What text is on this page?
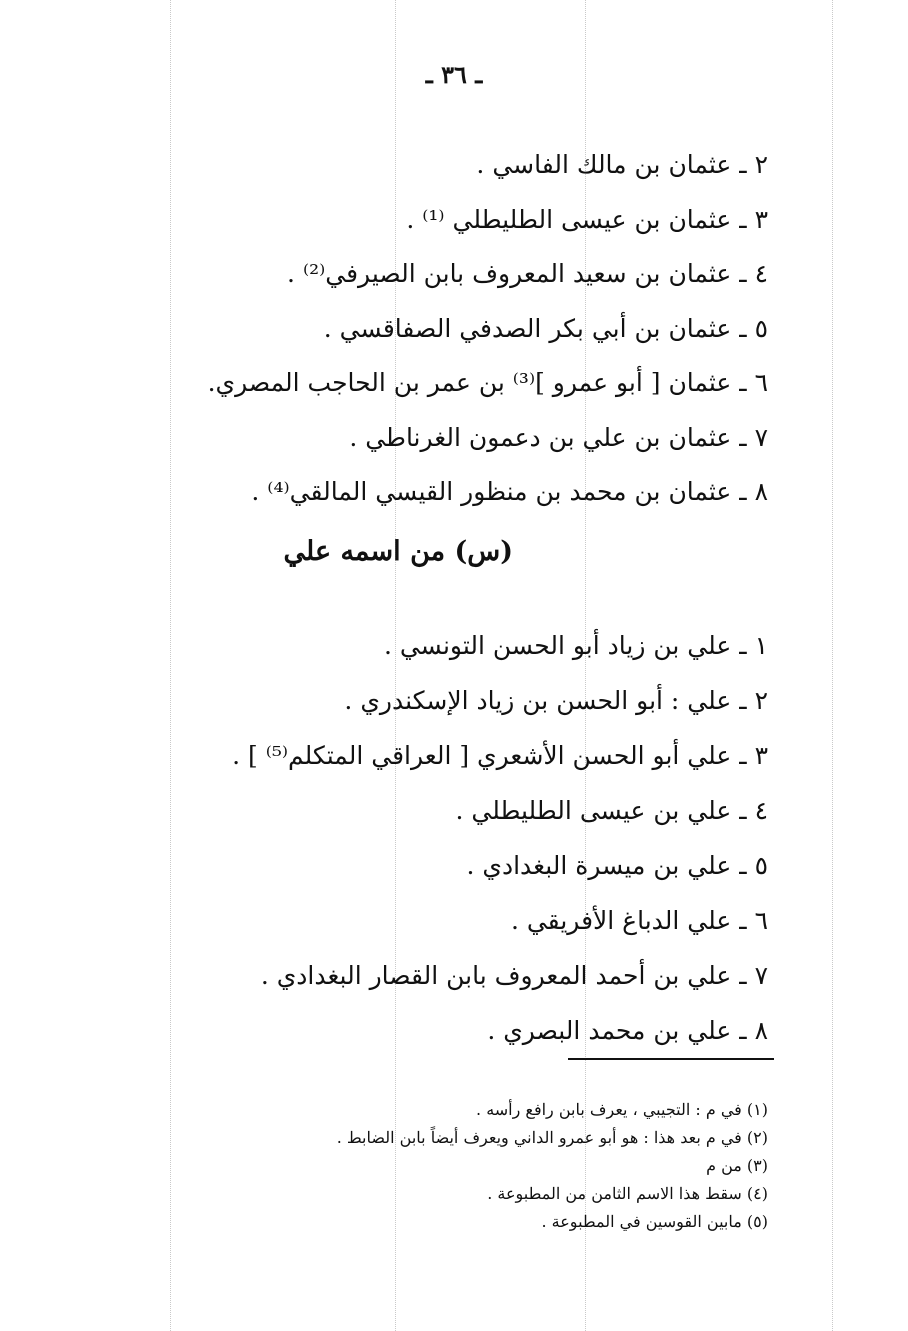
ـ ٣٦ ـ
٢ ـ عثمان بن مالك الفاسي .
٣ ـ عثمان بن عيسى الطليطلي ⁽¹⁾ .
٤ ـ عثمان بن سعيد المعروف بابن الصيرفي⁽²⁾ .
٥ ـ عثمان بن أبي بكر الصدفي الصفاقسي .
٦ ـ عثمان [ أبو عمرو ]⁽³⁾ بن عمر بن الحاجب المصري.
٧ ـ عثمان بن علي بن دعمون الغرناطي .
٨ ـ عثمان بن محمد بن منظور القيسي المالقي⁽⁴⁾ .
(س) من اسمه علي
١ ـ علي بن زياد أبو الحسن التونسي .
٢ ـ علي : أبو الحسن بن زياد الإسكندري .
٣ ـ علي أبو الحسن الأشعري [ العراقي المتكلم⁽⁵⁾ ] .
٤ ـ علي بن عيسى الطليطلي .
٥ ـ علي بن ميسرة البغدادي .
٦ ـ علي الدباغ الأفريقي .
٧ ـ علي بن أحمد المعروف بابن القصار البغدادي .
٨ ـ علي بن محمد البصري .
(١) في م : التجيبي ، يعرف بابن رافع رأسه .
(٢) في م بعد هذا : هو أبو عمرو الداني ويعرف أيضاً بابن الضابط .
(٣) من م
(٤) سقط هذا الاسم الثامن من المطبوعة .
(٥) مابين القوسين في المطبوعة .
